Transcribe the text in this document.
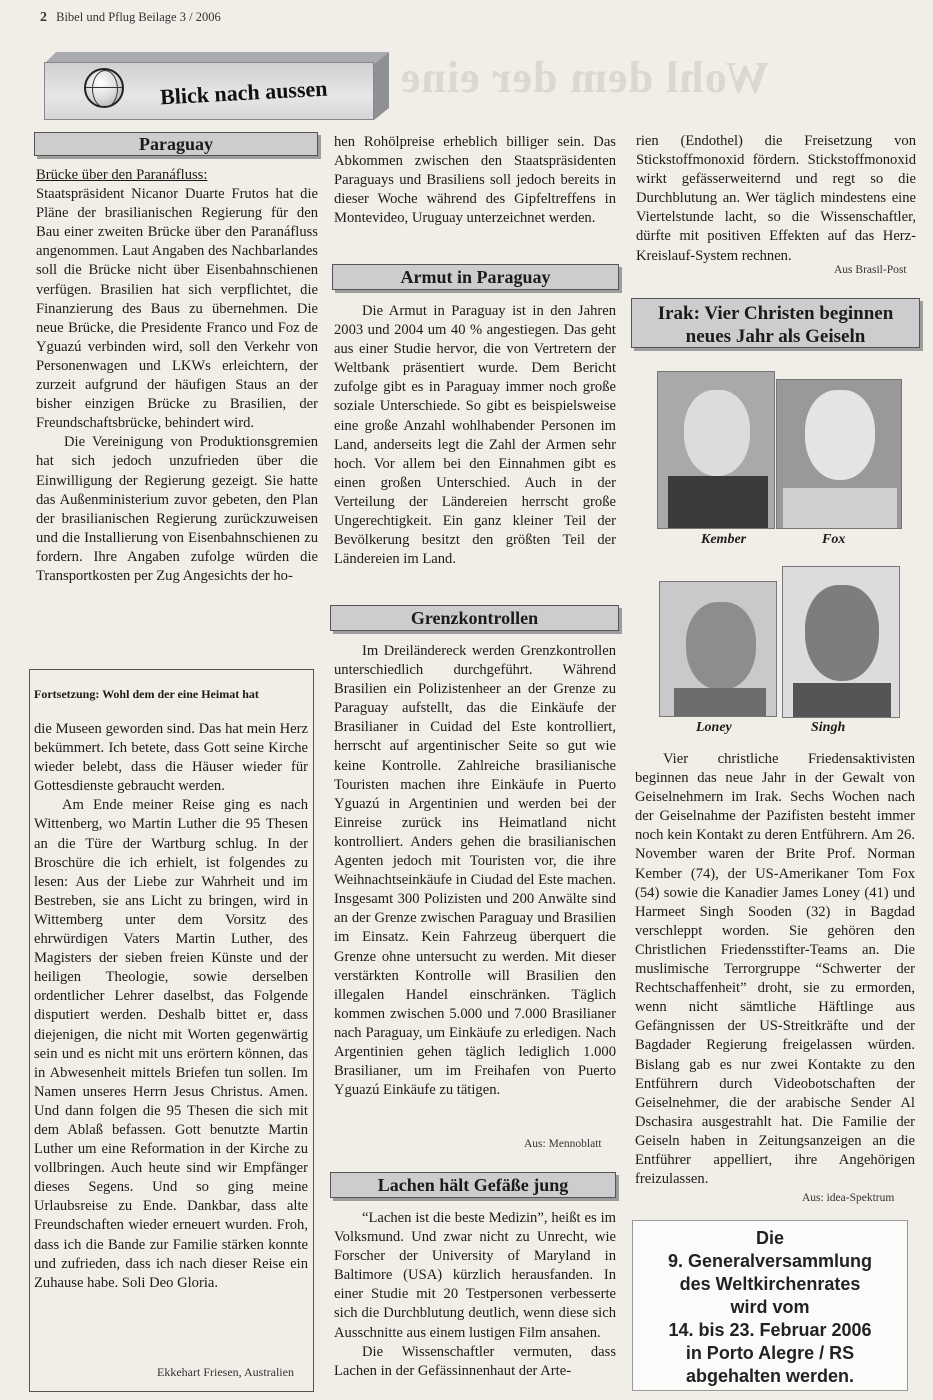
2 Bibel und Pflug Beilage 3 / 2006
Wohl dem der eine
Blick nach aussen
Paraguay

Brücke über den Paranáfluss:

Staatspräsident Nicanor Duarte Frutos hat die Pläne der brasilianischen Regierung für den Bau einer zweiten Brücke über den Paranáfluss angenommen. Laut Angaben des Nachbarlandes soll die Brücke nicht über Eisenbahnschienen verfügen. Brasilien hat sich verpflichtet, die Finanzierung des Baus zu übernehmen. Die neue Brücke, die Presidente Franco und Foz de Yguazú verbinden wird, soll den Verkehr von Personenwagen und LKWs erleichtern, der zurzeit aufgrund der häufigen Staus an der bisher einzigen Brücke zu Brasilien, der Freundschaftsbrücke, behindert wird.

Die Vereinigung von Produktionsgremien hat sich jedoch unzufrieden über die Einwilligung der Regierung gezeigt. Sie hatte das Außenministerium zuvor gebeten, den Plan der brasilianischen Regierung zurückzuweisen und die Installierung von Eisenbahnschienen zu fordern. Ihre Angaben zufolge würden die Transportkosten per Zug Angesichts der ho-

hen Rohölpreise erheblich billiger sein. Das Abkommen zwischen den Staatspräsidenten Paraguays und Brasiliens soll jedoch bereits in dieser Woche während des Gipfeltreffens in Montevideo, Uruguay unterzeichnet werden.

Armut in Paraguay

Die Armut in Paraguay ist in den Jahren 2003 und 2004 um 40 % angestiegen. Das geht aus einer Studie hervor, die von Vertretern der Weltbank präsentiert wurde. Dem Bericht zufolge gibt es in Paraguay immer noch große soziale Unterschiede. So gibt es beispielsweise eine große Anzahl wohlhabender Personen im Land, anderseits legt die Zahl der Armen sehr hoch. Vor allem bei den Einnahmen gibt es einen großen Unterschied. Auch in der Verteilung der Ländereien herrscht große Ungerechtigkeit. Ein ganz kleiner Teil der Bevölkerung besitzt den größten Teil der Ländereien im Land.

Grenzkontrollen

Im Dreiländereck werden Grenzkontrollen unterschiedlich durchgeführt. Während Brasilien ein Polizistenheer an der Grenze zu Paraguay aufstellt, das die Einkäufe der Brasilianer in Cuidad del Este kontrolliert, herrscht auf argentinischer Seite so gut wie keine Kontrolle. Zahlreiche brasilianische Touristen machen ihre Einkäufe in Puerto Yguazú in Argentinien und werden bei der Einreise zurück ins Heimatland nicht kontrolliert. Anders gehen die brasilianischen Agenten jedoch mit Touristen vor, die ihre Weihnachtseinkäufe in Ciudad del Este machen. Insgesamt 300 Polizisten und 200 Anwälte sind an der Grenze zwischen Paraguay und Brasilien im Einsatz. Kein Fahrzeug überquert die Grenze ohne untersucht zu werden. Mit dieser verstärkten Kontrolle will Brasilien den illegalen Handel einschränken. Täglich kommen zwischen 5.000 und 7.000 Brasilianer nach Paraguay, um Einkäufe zu erledigen. Nach Argentinien gehen täglich lediglich 1.000 Brasilianer, um im Freihafen von Puerto Yguazú Einkäufe zu tätigen.

Aus: Mennoblatt
Lachen hält Gefäße jung

“Lachen ist die beste Medizin”, heißt es im Volksmund. Und zwar nicht zu Unrecht, wie Forscher der University of Maryland in Baltimore (USA) kürzlich herausfanden. In einer Studie mit 20 Testpersonen verbesserte sich die Durchblutung deutlich, wenn diese sich Ausschnitte aus einem lustigen Film ansahen.

Die Wissenschaftler vermuten, dass Lachen in der Gefässinnenhaut der Arte-

rien (Endothel) die Freisetzung von Stickstoffmonoxid fördern. Stickstoffmonoxid wirkt gefässerweiternd und regt so die Durchblutung an. Wer täglich mindestens eine Viertelstunde lacht, so die Wissenschaftler, dürfte mit positiven Effekten auf das Herz-Kreislauf-System rechnen.

Aus Brasil-Post
Irak: Vier Christen beginnen
neues Jahr als Geiseln
Kember	Fox
Loney	Singh

Vier christliche Friedensaktivisten beginnen das neue Jahr in der Gewalt von Geiselnehmern im Irak. Sechs Wochen nach der Geiselnahme der Pazifisten besteht immer noch kein Kontakt zu deren Entführern. Am 26. November waren der Brite Prof. Norman Kember (74), der US-Amerikaner Tom Fox (54) sowie die Kanadier James Loney (41) und Harmeet Singh Sooden (32) in Bagdad verschleppt worden. Sie gehören den Christlichen Friedensstifter-Teams an. Die muslimische Terrorgruppe “Schwerter der Rechtschaffenheit” droht, sie zu ermorden, wenn nicht sämtliche Häftlinge aus Gefängnissen der US-Streitkräfte und der Bagdader Regierung freigelassen würden. Bislang gab es nur zwei Kontakte zu den Entführern durch Videobotschaften der Geiselnehmer, die der arabische Sender Al Dschasira ausgestrahlt hat. Die Familie der Geiseln haben in Zeitungsanzeigen an die Entführer appelliert, ihre Angehörigen freizulassen.

Aus: idea-Spektrum
Fortsetzung: Wohl dem der eine Heimat hat

die Museen geworden sind. Das hat mein Herz bekümmert. Ich betete, dass Gott seine Kirche wieder belebt, dass die Häuser wieder für Gottesdienste gebraucht werden.

Am Ende meiner Reise ging es nach Wittenberg, wo Martin Luther die 95 Thesen an die Türe der Wartburg schlug. In der Broschüre die ich erhielt, ist folgendes zu lesen: Aus der Liebe zur Wahrheit und im Bestreben, sie ans Licht zu bringen, wird in Wittemberg unter dem Vorsitz des ehrwürdigen Vaters Martin Luther, des Magisters der sieben freien Künste und der heiligen Theologie, sowie derselben ordentlicher Lehrer daselbst, das Folgende disputiert werden. Deshalb bittet er, dass diejenigen, die nicht mit Worten gegenwärtig sein und es nicht mit uns erörtern können, das in Abwesenheit mittels Briefen tun sollen. Im Namen unseres Herrn Jesus Christus. Amen. Und dann folgen die 95 Thesen die sich mit dem Ablaß befassen. Gott benutzte Martin Luther um eine Reformation in der Kirche zu vollbringen. Auch heute sind wir Empfänger dieses Segens. Und so ging meine Urlaubsreise zu Ende. Dankbar, dass alte Freundschaften wieder erneuert wurden. Froh, dass ich die Bande zur Familie stärken konnte und zufrieden, dass ich nach dieser Reise ein Zuhause habe. Soli Deo Gloria.

Ekkehart Friesen, Australien
Die
9. Generalversammlung
des Weltkirchenrates
wird vom
14. bis 23. Februar 2006
in Porto Alegre / RS
abgehalten werden.
